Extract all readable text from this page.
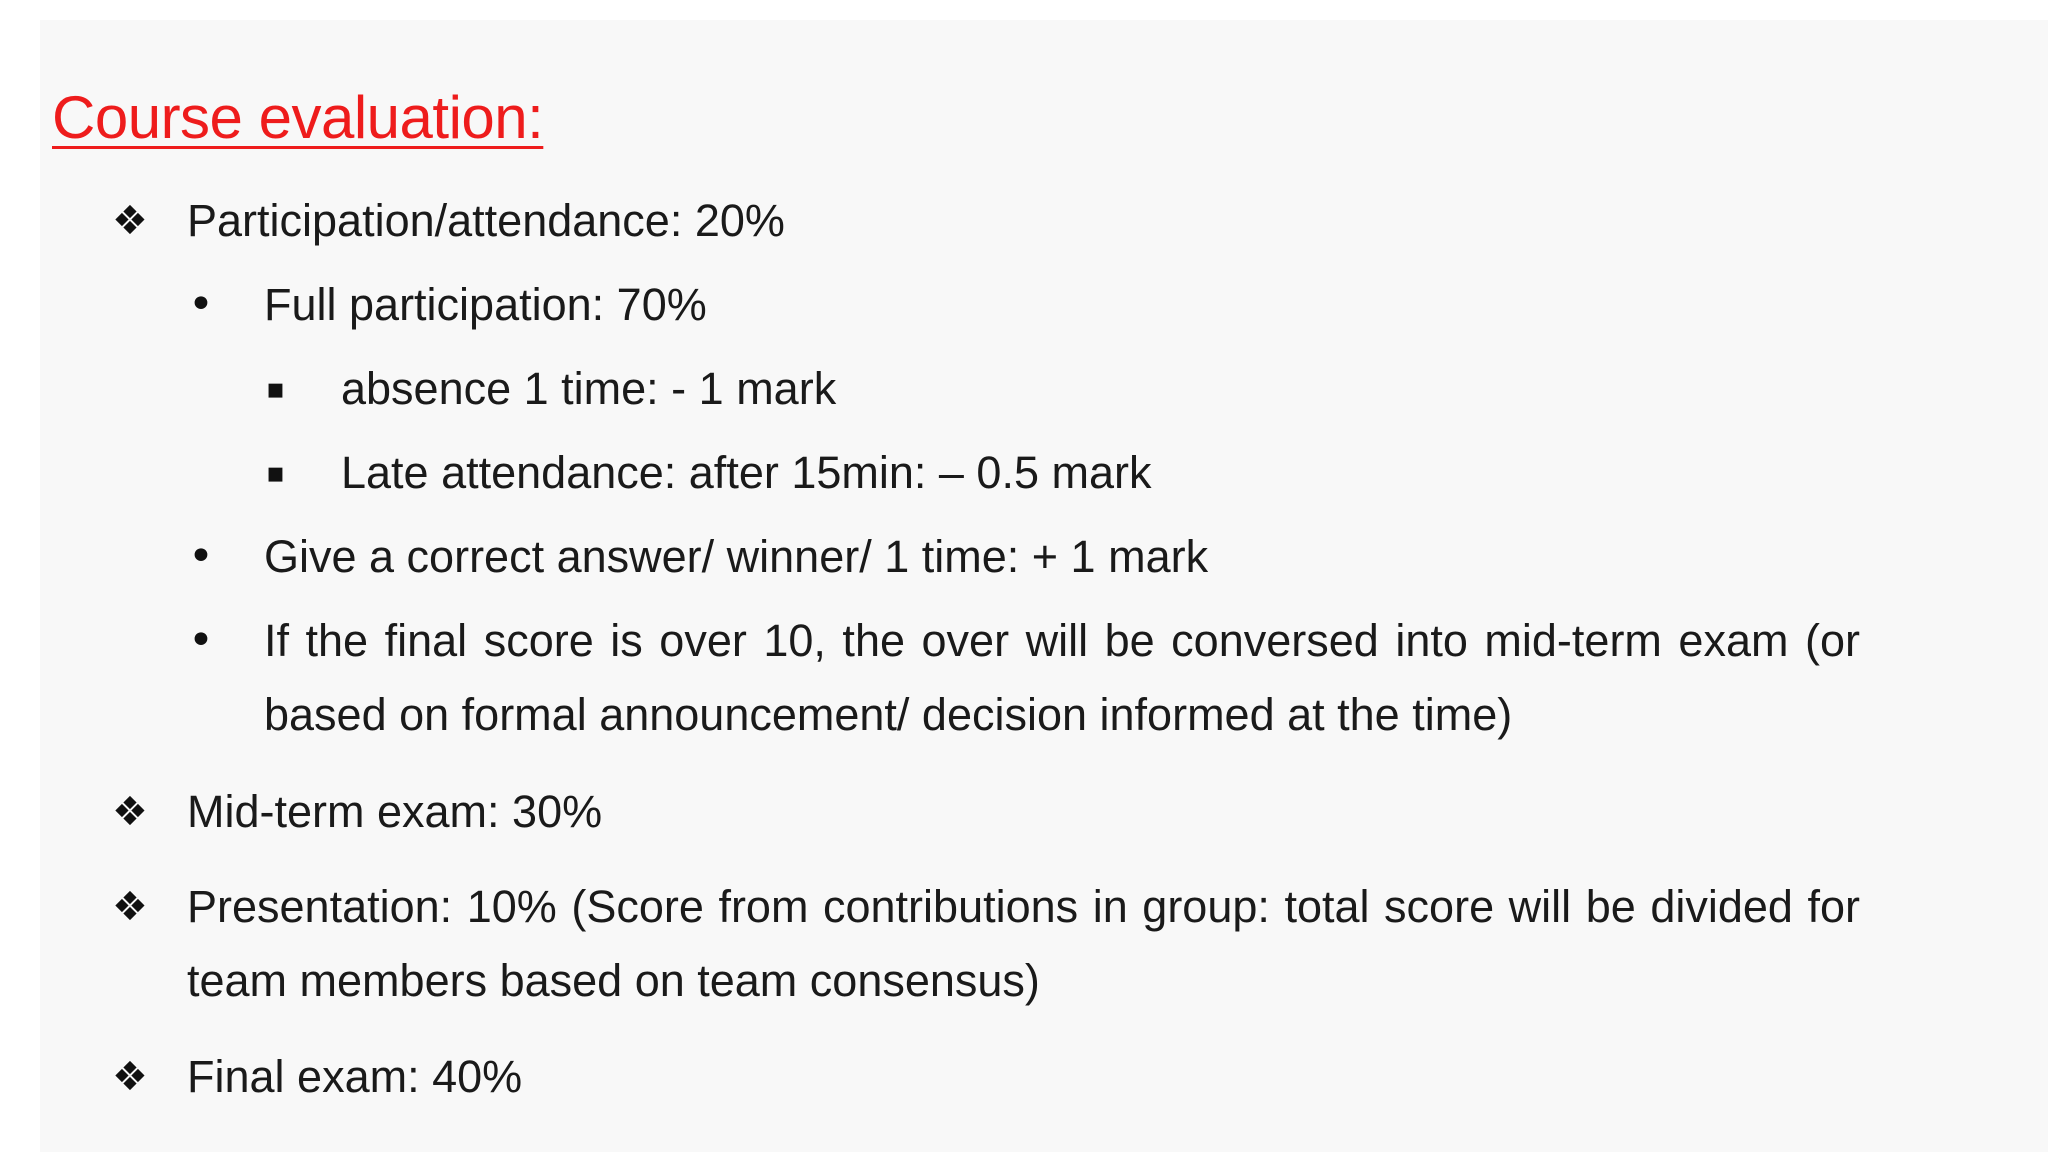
Course evaluation:
❖ Participation/attendance: 20%
• Full participation: 70%
▪ absence 1 time: - 1 mark
▪ Late attendance: after 15min: – 0.5 mark
• Give a correct answer/ winner/ 1 time: + 1 mark
• If the final score is over 10, the over will be conversed into mid-term exam (or based on formal announcement/ decision informed at the time)
❖ Mid-term exam: 30%
❖ Presentation: 10% (Score from contributions in group: total score will be divided for team members based on team consensus)
❖ Final exam: 40%
